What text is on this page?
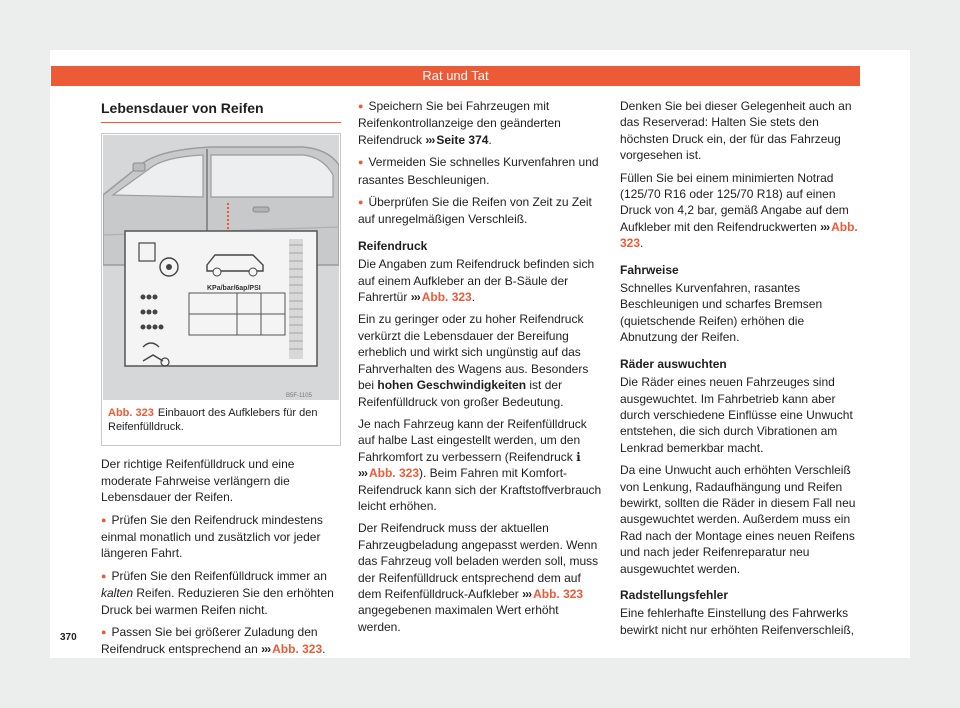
Rat und Tat
Lebensdauer von Reifen
KPa/bar/6ap/PSI
B5F-1105
Abb. 323 Einbauort des Aufklebers für den Reifenfülldruck.

Der richtige Reifenfülldruck und eine moderate Fahrweise verlängern die Lebensdauer der Reifen.

● Prüfen Sie den Reifendruck mindestens einmal monatlich und zusätzlich vor jeder längeren Fahrt.

● Prüfen Sie den Reifenfülldruck immer an kalten Reifen. Reduzieren Sie den erhöhten Druck bei warmen Reifen nicht.

● Passen Sie bei größerer Zuladung den Reifendruck entsprechend an ››› Abb. 323.

● Speichern Sie bei Fahrzeugen mit Reifenkontrollanzeige den geänderten Reifendruck ››› Seite 374.

● Vermeiden Sie schnelles Kurvenfahren und rasantes Beschleunigen.

● Überprüfen Sie die Reifen von Zeit zu Zeit auf unregelmäßigen Verschleiß.

Reifendruck

Die Angaben zum Reifendruck befinden sich auf einem Aufkleber an der B-Säule der Fahrertür ››› Abb. 323.

Ein zu geringer oder zu hoher Reifendruck verkürzt die Lebensdauer der Bereifung erheblich und wirkt sich ungünstig auf das Fahrverhalten des Wagens aus. Besonders bei hohen Geschwindigkeiten ist der Reifenfülldruck von großer Bedeutung.

Je nach Fahrzeug kann der Reifenfülldruck auf halbe Last eingestellt werden, um den Fahrkomfort zu verbessern (Reifendruck ℹ ››› Abb. 323). Beim Fahren mit Komfort-Reifendruck kann sich der Kraftstoffverbrauch leicht erhöhen.

Der Reifendruck muss der aktuellen Fahrzeugbeladung angepasst werden. Wenn das Fahrzeug voll beladen werden soll, muss der Reifenfülldruck entsprechend dem auf dem Reifenfülldruck-Aufkleber ››› Abb. 323 angegebenen maximalen Wert erhöht werden.

Denken Sie bei dieser Gelegenheit auch an das Reserverad: Halten Sie stets den höchsten Druck ein, der für das Fahrzeug vorgesehen ist.

Füllen Sie bei einem minimierten Notrad (125/70 R16 oder 125/70 R18) auf einen Druck von 4,2 bar, gemäß Angabe auf dem Aufkleber mit den Reifendruckwerten ››› Abb. 323.

Fahrweise

Schnelles Kurvenfahren, rasantes Beschleunigen und scharfes Bremsen (quietschende Reifen) erhöhen die Abnutzung der Reifen.

Räder auswuchten

Die Räder eines neuen Fahrzeuges sind ausgewuchtet. Im Fahrbetrieb kann aber durch verschiedene Einflüsse eine Unwucht entstehen, die sich durch Vibrationen am Lenkrad bemerkbar macht.

Da eine Unwucht auch erhöhten Verschleiß von Lenkung, Radaufhängung und Reifen bewirkt, sollten die Räder in diesem Fall neu ausgewuchtet werden. Außerdem muss ein Rad nach der Montage eines neuen Reifens und nach jeder Reifenreparatur neu ausgewuchtet werden.

Radstellungsfehler

Eine fehlerhafte Einstellung des Fahrwerks bewirkt nicht nur erhöhten Reifenverschleiß,

370
